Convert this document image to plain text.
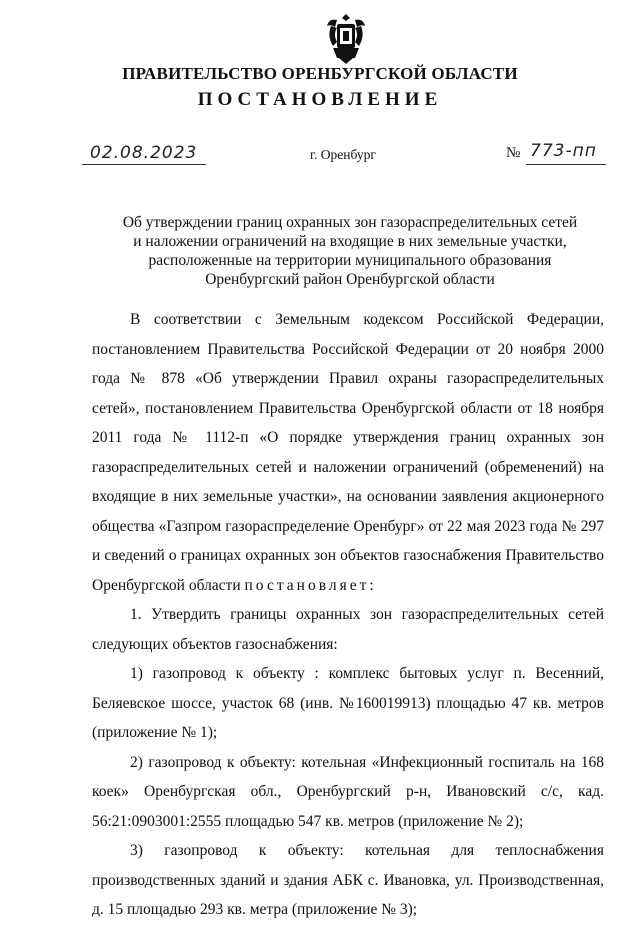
ПРАВИТЕЛЬСТВО ОРЕНБУРГСКОЙ ОБЛАСТИ
ПОСТАНОВЛЕНИЕ
02.08.2023	г. Оренбург	№ 773-пп
Об утверждении границ охранных зон газораспределительных сетей и наложении ограничений на входящие в них земельные участки, расположенные на территории муниципального образования Оренбургский район Оренбургской области

В соответствии с Земельным кодексом Российской Федерации, постановлением Правительства Российской Федерации от 20 ноября 2000 года № 878 «Об утверждении Правил охраны газораспределительных сетей», постановлением Правительства Оренбургской области от 18 ноября 2011 года № 1112-п «О порядке утверждения границ охранных зон газораспределительных сетей и наложении ограничений (обременений) на входящие в них земельные участки», на основании заявления акционерного общества «Газпром газораспределение Оренбург» от 22 мая 2023 года № 297 и сведений о границах охранных зон объектов газоснабжения Правительство Оренбургской области постановляет:

1. Утвердить границы охранных зон газораспределительных сетей следующих объектов газоснабжения:

1) газопровод к объекту : комплекс бытовых услуг п. Весенний, Беляевское шоссе, участок 68 (инв. №160019913) площадью 47 кв. метров (приложение № 1);

2) газопровод к объекту: котельная «Инфекционный госпиталь на 168 коек» Оренбургская обл., Оренбургский р-н, Ивановский с/с, кад. 56:21:0903001:2555 площадью 547 кв. метров (приложение № 2);

3) газопровод к объекту: котельная для теплоснабжения производственных зданий и здания АБК с. Ивановка, ул. Производственная, д. 15 площадью 293 кв. метра (приложение № 3);
